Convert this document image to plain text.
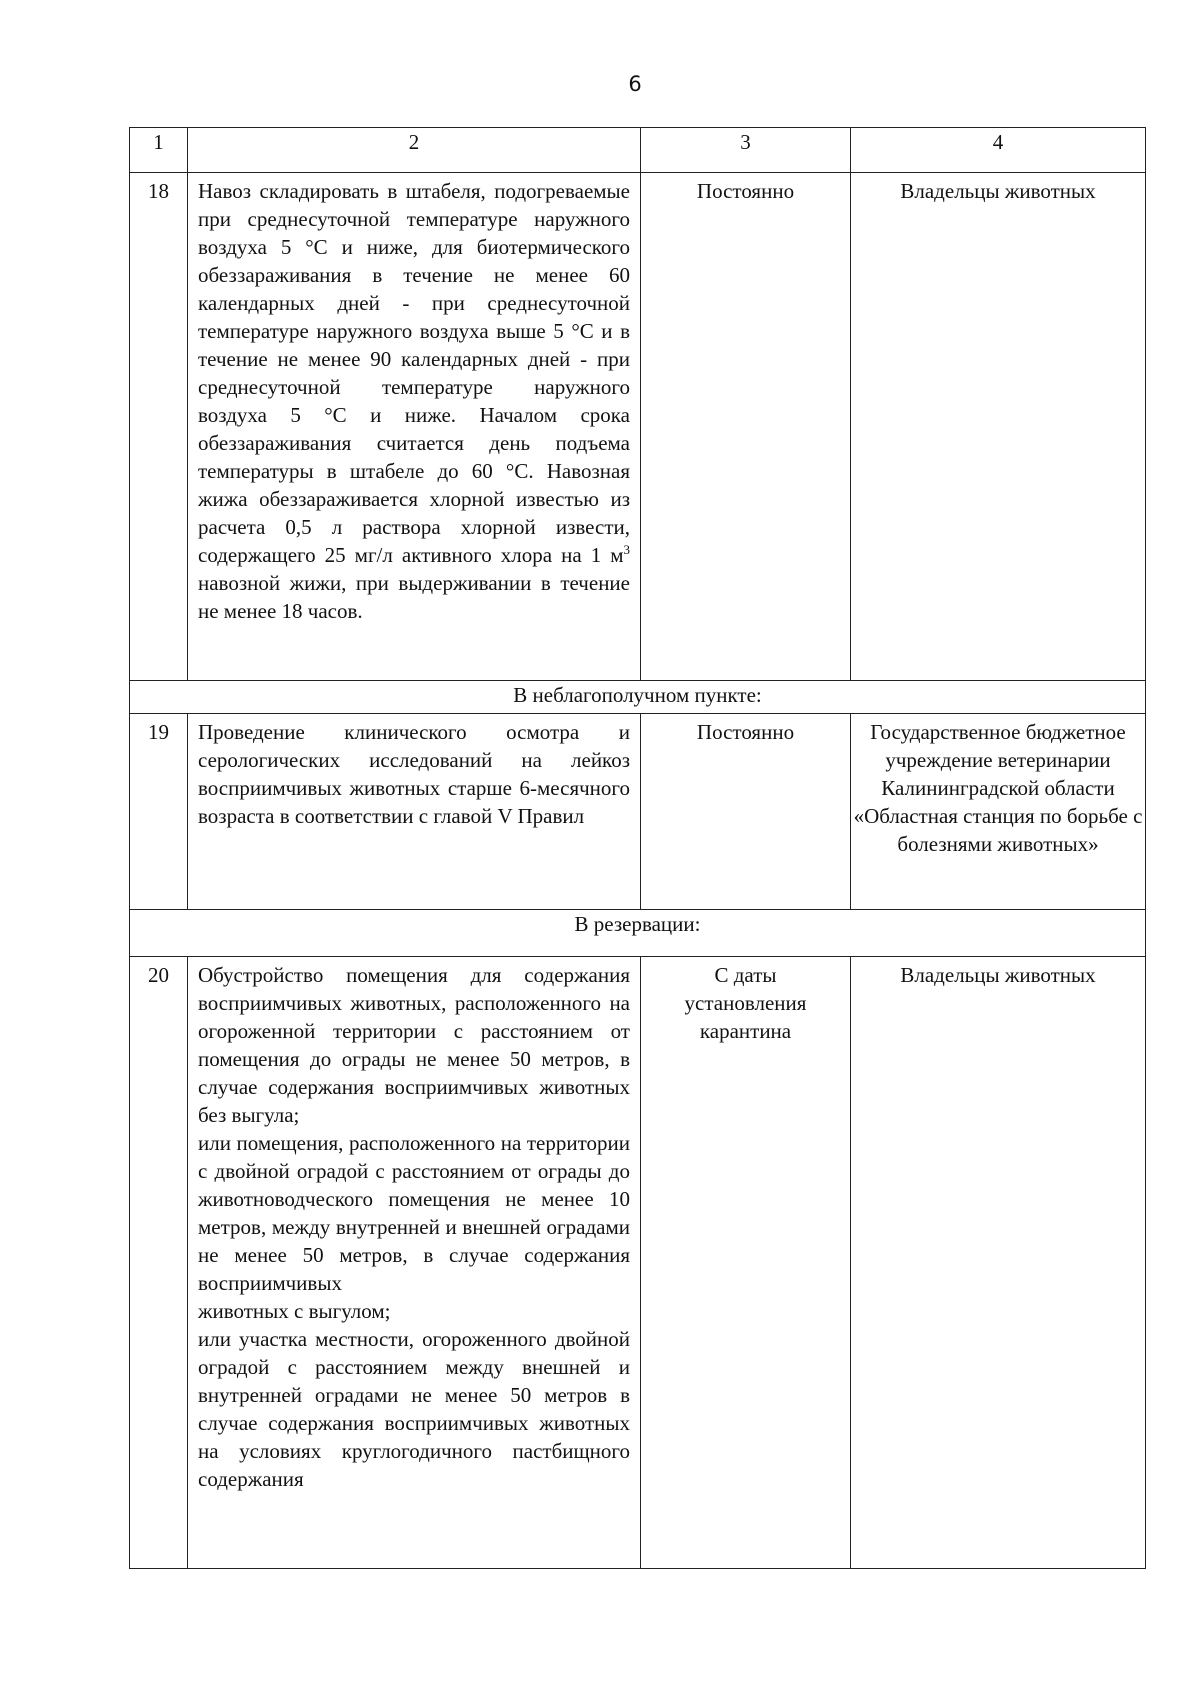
6
1	2	3	4
18	Навоз складировать в штабеля, подогреваемые при среднесуточной температуре наружного воздуха 5 °С и ниже, для биотермического обеззараживания в течение не менее 60 календарных дней - при среднесуточной температуре наружного воздуха выше 5 °С и в течение не менее 90 календарных дней - при среднесуточной температуре наружного воздуха 5 °С и ниже. Началом срока обеззараживания считается день подъема температуры в штабеле до 60 °С. Навозная жижа обеззараживается хлорной известью из расчета 0,5 л раствора хлорной извести, содержащего 25 мг/л активного хлора на 1 $м^3$ навозной жижи, при выдерживании в течение не менее 18 часов.	Постоянно	Владельцы животных
В неблагополучном пункте:			
19	Проведение клинического осмотра и серологических исследований на лейкоз восприимчивых животных старше 6-месячного возраста в соответствии с главой V Правил	Постоянно	Государственное бюджетное учреждение ветеринарии Калининградской области «Областная станция по борьбе с болезнями животных»
В резервации:			
20	Обустройство помещения для содержания восприимчивых животных, расположенного на огороженной территории с расстоянием от помещения до ограды не менее 50 метров, в случае содержания восприимчивых животных без выгула;
или помещения, расположенного на территории с двойной оградой с расстоянием от ограды до животноводческого помещения не менее 10 метров, между внутренней и внешней оградами не менее 50 метров, в случае содержания восприимчивых
животных с выгулом;
или участка местности, огороженного двойной оградой с расстоянием между внешней и внутренней оградами не менее 50 метров в случае содержания восприимчивых животных на условиях круглогодичного пастбищного содержания	С даты установления карантина	Владельцы животных
